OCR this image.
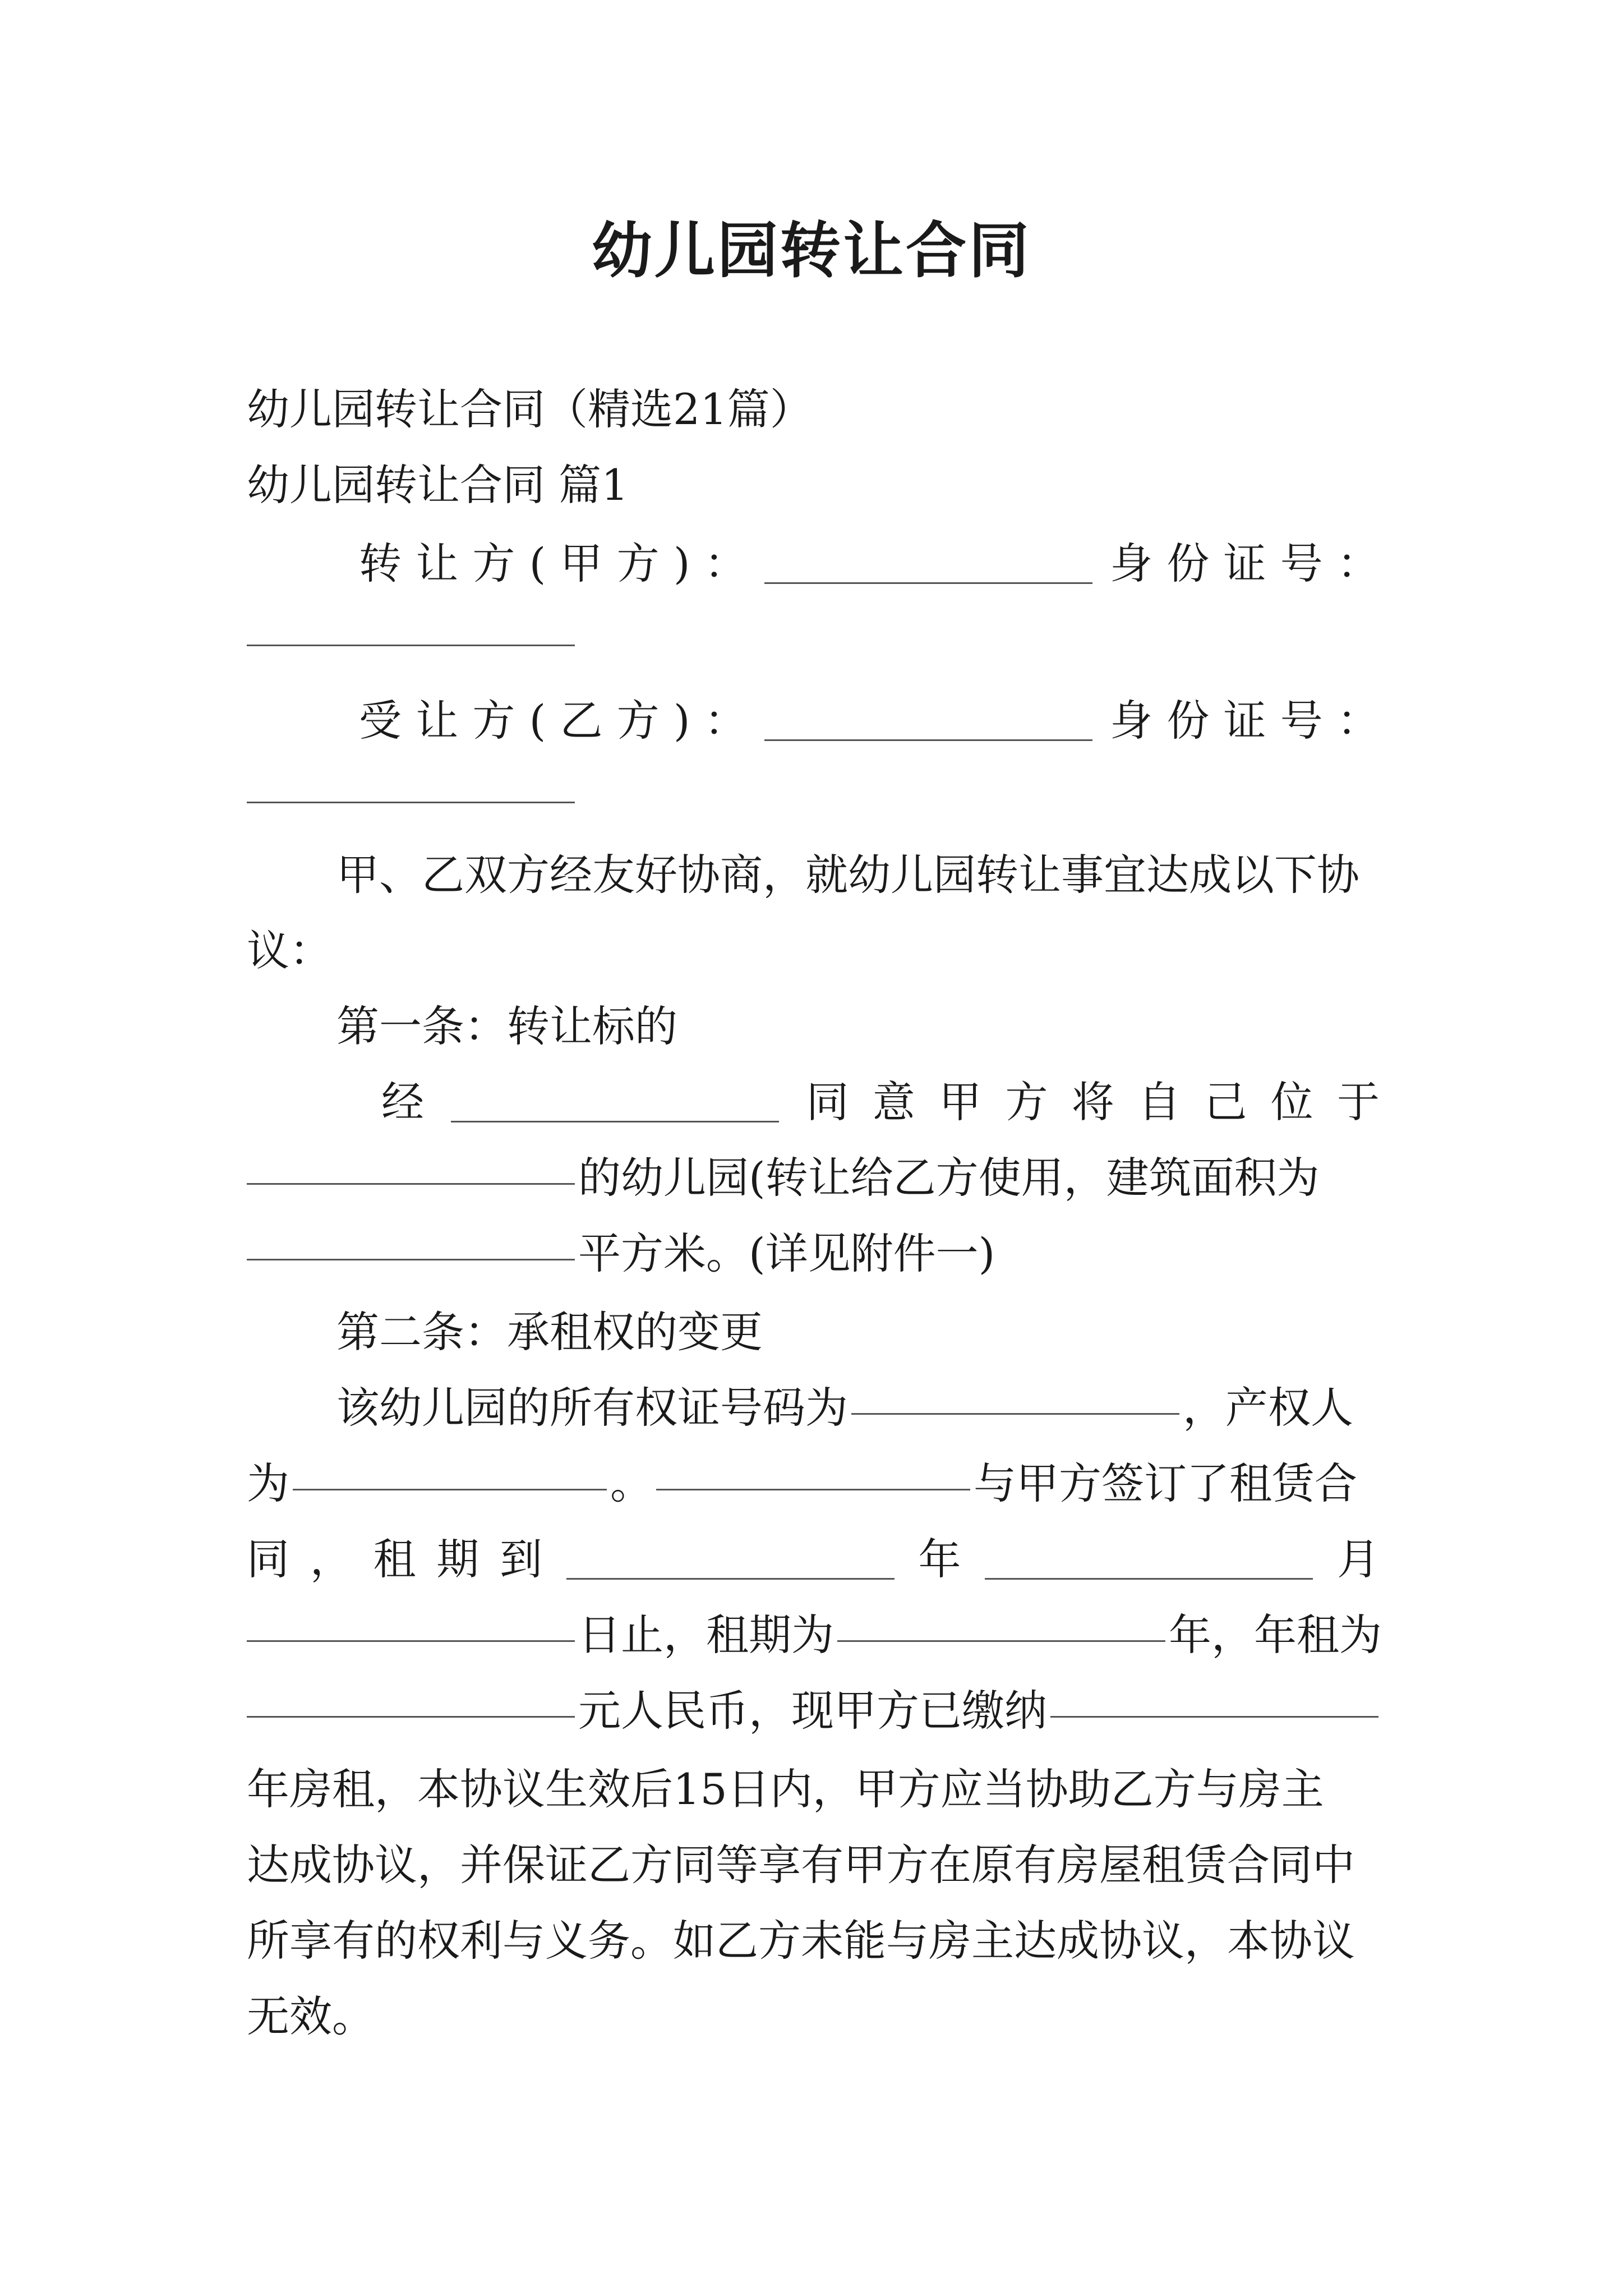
幼儿园转让合同
幼儿园转让合同（精选21篇）
幼儿园转让合同 篇1
转 让 方 ( 甲 方 ) ：	身 份 证 号 ：
受 让 方 ( 乙 方 ) ：	身 份 证 号 ：
甲、乙双方经友好协商，就幼儿园转让事宜达成以下协
议：
第一条：转让标的
经	同 意 甲 方 将 自 己 位 于
的幼儿园(转让给乙方使用，建筑面积为
平方米。(详见附件一)
第二条：承租权的变更
该幼儿园的所有权证号码为	，产权人
为	。	与甲方签订了租赁合
同 ， 租 期 到	年	月
日止，租期为	年，年租为
元人民币，现甲方已缴纳
年房租，本协议生效后15日内，甲方应当协助乙方与房主
达成协议，并保证乙方同等享有甲方在原有房屋租赁合同中
所享有的权利与义务。如乙方未能与房主达成协议，本协议
无效。
